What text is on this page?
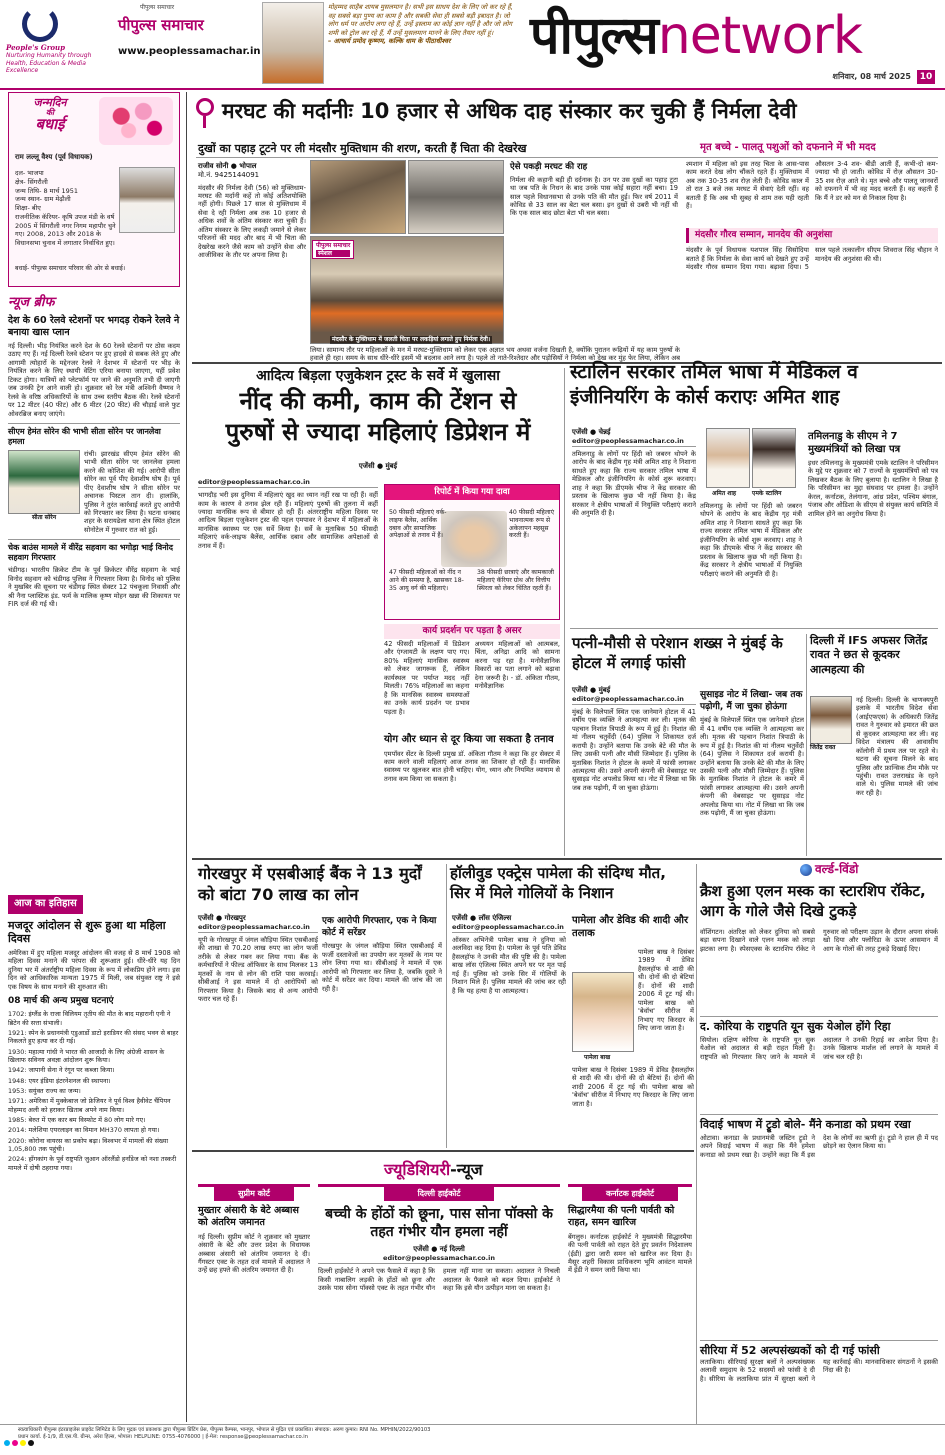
People's Group
Nurturing Humanity through Health, Education & Media Excellence
पीपुल्स समाचार
पीपुल्स समाचार
www.peoplessamachar.in
मोहम्मद साहैब शायब मुसलमान है। सभी इस साधय देश के लिए जो कर रहे हैं, वह सबसे बड़ा पुण्य का काम है और सबकी सेवा ही सबसे बड़ी इबादत है। जो लोग धर्म पर आरोप लगा रहे हैं, उन्हें इस्लाम का कोई ज्ञान नहीं है और जो लोग शमी को ट्रोल कर रहे हैं, मैं उन्हें मुसलमान मानने के लिए तैयार नहीं हूं।
– आचार्य प्रमोद कृष्णम, कल्कि धाम के पीठाधीश्वर	पीपुल्सnetwork
शनिवार, 08 मार्च 2025 10
जन्मदिन
की
बधाई
राम लल्लू वैश्य (पूर्व विधायक)
दल- भाजपा
क्षेत्र- सिंगरौली
जन्म तिथि- 8 मार्च 1951
जन्म स्थान- ग्राम मेढ़ौली
शिक्षा- बीए
राजनीतिक कॅरियर- कृषि उपज मंडी के वर्ष 2005 में सिंगरौली नगर निगम महापौर चुने गए। 2008, 2013 और 2018 के विधानसभा चुनाव में लगातार निर्वाचित हुए।
बधाई- पीपुल्स समाचार परिवार की ओर से बधाई।
न्यूज ब्रीफ
देश के 60 रेलवे स्टेशनों पर भगदड़ रोकने रेलवे ने बनाया खास प्लान
नई दिल्ली। भीड़ नियंत्रित करने देश के 60 रेलवे स्टेशनों पर ठोस कदम उठाए गए हैं। नई दिल्ली रेलवे स्टेशन पर हुए हादसे से सबक लेते हुए और आगामी त्योहारों के मद्देनजर रेलवे ने देशभर में स्टेशनों पर भीड़ के नियंत्रित करने के लिए स्थायी वेटिंग एरिया बनाया जाएगा, यहीं प्रवेश टिकट होगा। यात्रियों को प्लेटफॉर्म पर जाने की अनुमति तभी दी जाएगी जब उनकी ट्रेन आने वाली हो। शुक्रवार को रेल मंत्री अश्विनी वैष्णव ने रेलवे के वरिष्ठ अधिकारियों के साथ उच्च स्तरीय बैठक की। रेलवे स्टेशनों पर 12 मीटर (40 फीट) और 6 मीटर (20 फीट) की चौड़ाई वाले फुट ओवरब्रिज बनाए जाएंगे।
सीएम हेमंत सोरेन की भाभी सीता सोरेन पर जानलेवा हमला
सीता सोरेन
रांची। झारखंड सीएम हेमंत सोरेन की भाभी सीता सोरेन पर जानलेवा हमला करने की कोशिश की गई। आरोपी सीता सोरेन का पूर्व पीए देवाशीष घोष है। पूर्व पीए देवाशीष घोष ने सीता सोरेन पर अचानक पिस्टल तान दी। हालांकि, पुलिस ने तुरंत कार्रवाई करते हुए आरोपी को गिरफ्तार कर लिया है। घटना धनबाद शहर के सरायढेला थाना क्षेत्र स्थित होटल सोनोटेल में गुरुवार रात को हुई।
चेक बाउंस मामले में वीरेंद्र सहवाग का भगोड़ा भाई विनोद सहवाग गिरफ्तार
चंडीगढ़। भारतीय क्रिकेट टीम के पूर्व क्रिकेटर वीरेंद्र सहवाग के भाई विनोद सहवाग को चंडीगढ़ पुलिस ने गिरफ्तार किया है। विनोद को पुलिस ने मुखबिर की सूचना पर चंडीगढ़ स्थित सेक्टर 12 पंचकूला निवासी और श्री नैना प्लास्टिक इंड. फर्म के मालिक कृष्ण मोहन खन्ना की शिकायत पर FIR दर्ज की गई थी।
आज का इतिहास
मजदूर आंदोलन से शुरू हुआ था महिला दिवस
अमेरिका में हुए महिला मजदूर आंदोलन की वजह से 8 मार्च 1908 को महिला दिवस मनाने की परंपरा की शुरूआत हुई। धीरे-धीरे यह दिन दुनिया भर में अंतर्राष्ट्रीय महिला दिवस के रूप में लोकप्रिय होने लगा। इस दिन को आधिकारिक मान्यता 1975 में मिली, जब संयुक्त राष्ट्र ने इसे एक विषय के साथ मनाने की शुरुआत की।
08 मार्च की अन्य प्रमुख घटनाएं
1702: इंग्लैंड के राजा विलियम तृतीय की मौत के बाद महारानी एनी ने ब्रिटेन की सत्ता संभाली।
1921: स्पेन के प्रधानमंत्री एडुआर्डो डाटो इराडियर की संसद भवन से बाहर निकलते हुए हत्या कर दी गई।
1930: महात्मा गांधी ने भारत की आजादी के लिए अंग्रेजी शासन के खिलाफ सविनय अवज्ञा आंदोलन शुरू किया।
1942: जापानी सेना ने रंगून पर कब्जा किया।
1948: एयर इंडिया इंटरनेशनल की स्थापना।
1953: सयुंक्त राज्य का जन्म।
1971: अमेरिका में मुक्केबाज जो फ्रेजियर ने पूर्व विश्व हैवीवेट चैंपियन मोहम्मद अली को हराकर खिताब अपने नाम किया।
1985: बेरुत में एक कार बम विस्फोट में 80 लोग मारे गए।
2014: मलेशिया एयरलाइन का विमान MH370 लापता हो गया।
2020: कोरोना वायरस का प्रकोप बढ़ा। विश्वभर में मामलों की संख्या 1,05,800 तक पहुंची।
2024: हॉंगकांग के पूर्व राष्ट्रपति जुआन ऑरलैंडो हर्नांडेज को नशा तस्करी मामले में दोषी ठहराया गया।
मरघट की मर्दानीः 10 हजार से अधिक दाह संस्कार कर चुकी हैं निर्मला देवी
दुखों का पहाड़ टूटने पर ली मंदसौर मुक्तिधाम की शरण, करती हैं चिता की देखरेख	मृत बच्चे - पालतू पशुओं को दफनाने में भी मदद
राजीव सोनी ● भोपाल
मो.नं. 9425144091
मंदसौर की निर्मला देवी (56) को मुक्तिधाम- मरघट की मर्दानी कहें तो कोई अतिशयोक्ति नहीं होगी। पिछले 17 साल से मुक्तिधाम में सेवा दे रही निर्मला अब तक 10 हजार से अधिक शवों के अंतिम संस्कार करा चुकी हैं। अंतिम संस्कार के लिए लकड़ी जमाने से लेकर परिजनों की मदद और बाद में भी चिता की देखरेख करने जैसे काम को उन्होंने सेवा और आजीविका के तौर पर अपना लिया है।
पीपुल्स समाचार
स्पेशल
मंदसौर के मुक्तिधाम में जलती चिता पर लकड़ियां लगाते हुए निर्मला देवी।
ऐसे पकड़ी मरघट की राह
निर्मला की कहानी बड़ी ही दर्दनाक है। उन पर उस दुखों का पहाड़ टूटा था जब पति के निधन के बाद उनके पास कोई सहारा नहीं बचा। 19 साल पहले विधानसभा से उनके पति की मौत हुई। फिर वर्ष 2011 में कोविड से 33 साल का बेटा चल बसा। इन दुखों से उबरी भी नहीं थी कि एक साल बाद छोटा बेटा भी चल बसा।
श्मशान में महिला को इस तरह चिता के आस-पास काम करते देख लोग चौंकते रहते हैं। मुक्तिधाम में अब तक 30-35 शव रोज़ लेती हैं। कोविड काल में तो रात 3 बजे तक मरघट में सेवाएं देती रहीं। वह बताती हैं कि अब भी सुबह से शाम तक यही रहती हैं।
औसतन 3-4 शव- बीडी आती हैं, कभी-दो कम-ज्यादा भी हो जाती। कोविड में रोज़ औसतन 30-35 शव रोज़ आते थे। मृत बच्चे और पालतू जानवरों को दफनाने में भी वह मदद करती हैं। वह कहती हैं कि मैं ने डर को मन से निकाल दिया है।
मंदसौर गौरव सम्मान, मानदेय की अनुशंसा
मंदसौर के पूर्व विधायक यशपाल सिंह सिसोदिया बताते हैं कि निर्मला के सेवा कार्य को देखते हुए उन्हें मंदसौर गौरव सम्मान दिया गया। बढ़ावा दिया। 5 साल पहले तत्कालीन सीएम शिवराज सिंह चौहान ने मानदेय की अनुशंसा की थी।
लिया। सामान्य तौर पर महिलाओं के मन में मरघट-मुक्तिधाम को लेकर एक अज्ञात भय अथवा वर्जना दिखती है, क्योंकि पुरातन रूढ़ियों में यह काम पुरुषों के हवाले ही रहा। समय के साथ धीरे-धीरे इसमें भी बदलाव आने लगा है। पहले तो नाते-रिश्तेदार और पड़ोसियों ने निर्मला को देख कर मुंह फेर लिया, लेकिन अब
आदित्य बिड़ला एजुकेशन ट्रस्ट के सर्वे में खुलासा
नींद की कमी, काम की टेंशन से
पुरुषों से ज्यादा महिलाएं डिप्रेशन में
एजेंसी ● मुंबई
editor@peoplessamachar.co.in
भागदौड़ भरी इस दुनिया में महिलाएं खुद का ध्यान नहीं रख पा रही हैं। वहीं काम के कारण वे तनाव झेल रही हैं। महिलाएं पुरुषों की तुलना में कहीं ज्यादा मानसिक रूप से बीमार हो रही हैं। अंतरराष्ट्रीय महिला दिवस पर आदित्य बिड़ला एजुकेशन ट्रस्ट की पहल एमपावर ने देशभर में महिलाओं के मानसिक स्वास्थ्य पर एक सर्वे किया है। सर्वे के मुताबिक 50 फीसदी महिलाएं वर्क-लाइफ बैलेंस, आर्थिक दबाव और सामाजिक अपेक्षाओं से तनाव में हैं।
रिपोर्ट में किया गया दावा
50 फीसदी महिलाएं वर्क-लाइफ बैलेंस, आर्थिक दबाव और सामाजिक अपेक्षाओं से तनाव में हैं।
40 फीसदी महिलाएं भावनात्मक रूप से अकेलापन महसूस करती हैं।
47 फीसदी महिलाओं को नींद न आने की समस्या है, खासकर 18-35 आयु वर्ग की महिलाएं।
38 फीसदी छात्राएं और कामकाजी महिलाएं कॅरियर ग्रोथ और वित्तीय स्थिरता को लेकर चिंतित रहती हैं।
कार्य प्रदर्शन पर पड़ता है असर
42 फीसदी महिलाओं में डिप्रेशन और एंग्जायटी के लक्षण पाए गए। 80% महिलाएं मानसिक स्वास्थ्य को लेकर जागरूक हैं, लेकिन कार्यस्थल पर पर्याप्त मदद नहीं मिलती। 76% महिलाओं का कहना है कि मानसिक स्वास्थ्य समस्याओं का उनके कार्य प्रदर्शन पर प्रभाव पड़ता है।
अध्ययन महिलाओं को आत्मबल, चिंता, अनिद्रा आदि को सामना करना पड़ रहा है। मनोवैज्ञानिक विकारों का पता लगाने को बढ़ावा देना जरूरी है। - डॉ. अंकिता गौतम, मनोवैज्ञानिक
योग और ध्यान से दूर किया जा सकता है तनाव
एमपॉवर सेंटर के दिल्ली प्रमुख डॉ. अंकिता गौतम ने कहा कि हर सेक्टर में काम करने वाली महिलाएं आज तनाव का शिकार हो रही हैं। मानसिक स्वास्थ्य पर खुलकर बात होनी चाहिए। योग, ध्यान और नियमित व्यायाम से तनाव कम किया जा सकता है।
स्टालिन सरकार तमिल भाषा में मेडिकल व इंजीनियरिंग के कोर्स कराएः अमित शाह
एजेंसी ● चेन्नई
editor@peoplessamachar.co.in
तमिलनाडु के लोगों पर हिंदी को जबरन थोपने के आरोप के बाद केंद्रीय गृह मंत्री अमित शाह ने निशाना साधते हुए कहा कि राज्य सरकार तमिल भाषा में मेडिकल और इंजीनियरिंग के कोर्स शुरू करवाए। शाह ने कहा कि डीएमके चीफ ने केंद्र सरकार की प्रस्ताव के खिलाफ कुछ भी नहीं किया है। केंद्र सरकार ने क्षेत्रीय भाषाओं में नियुक्ति परीक्षाएं कराने की अनुमति दी है।
अमित शाह	एमके स्टालिन
तमिलनाडु के लोगों पर हिंदी को जबरन थोपने के आरोप के बाद केंद्रीय गृह मंत्री अमित शाह ने निशाना साधते हुए कहा कि राज्य सरकार तमिल भाषा में मेडिकल और इंजीनियरिंग के कोर्स शुरू करवाए। शाह ने कहा कि डीएमके चीफ ने केंद्र सरकार की प्रस्ताव के खिलाफ कुछ भी नहीं किया है। केंद्र सरकार ने क्षेत्रीय भाषाओं में नियुक्ति परीक्षाएं कराने की अनुमति दी है।
तमिलनाडु के सीएम ने 7 मुख्यमंत्रियों को लिखा पत्र
इधर तमिलनाडु के मुख्यमंत्री एमके स्टालिन ने परिसीमन के मुद्दे पर शुक्रवार को 7 राज्यों के मुख्यमंत्रियों को पत्र लिखकर बैठक के लिए बुलाया है। स्टालिन ने लिखा है कि परिसीमन का मुद्दा संघवाद पर हमला है। उन्होंने केरल, कर्नाटक, तेलंगाना, आंध्र प्रदेश, पश्चिम बंगाल, पंजाब और ओडिशा के सीएम से संयुक्त कार्य समिति में शामिल होने का अनुरोध किया है।
पत्नी-मौसी से परेशान शख्स ने मुंबई के होटल में लगाई फांसी
एजेंसी ● मुंबई
editor@peoplessamachar.co.in
मुंबई के विलेपार्ले स्थित एक जानेमाने होटल में 41 वर्षीय एक व्यक्ति ने आत्महत्या कर ली। मृतक की पहचान निशांत त्रिपाठी के रूप में हुई है। निशांत की मां नीलम चतुर्वेदी (64) पुलिस ने शिकायत दर्ज करायी है। उन्होंने बताया कि उनके बेटे की मौत के लिए उसकी पत्नी और मौसी जिम्मेदार हैं। पुलिस के मुताबिक निशांत ने होटल के कमरे में फांसी लगाकर आत्महत्या की। उसने अपनी कंपनी की वेबसाइट पर सुसाइड नोट अपलोड किया था। नोट में लिखा था कि जब तक पढ़ोगी, मैं जा चुका होऊंगा।
सुसाइड नोट में लिखा- जब तक पढ़ोगी, मैं जा चुका होऊंगा
मुंबई के विलेपार्ले स्थित एक जानेमाने होटल में 41 वर्षीय एक व्यक्ति ने आत्महत्या कर ली। मृतक की पहचान निशांत त्रिपाठी के रूप में हुई है। निशांत की मां नीलम चतुर्वेदी (64) पुलिस ने शिकायत दर्ज करायी है। उन्होंने बताया कि उनके बेटे की मौत के लिए उसकी पत्नी और मौसी जिम्मेदार हैं। पुलिस के मुताबिक निशांत ने होटल के कमरे में फांसी लगाकर आत्महत्या की। उसने अपनी कंपनी की वेबसाइट पर सुसाइड नोट अपलोड किया था। नोट में लिखा था कि जब तक पढ़ोगी, मैं जा चुका होऊंगा।
दिल्ली में IFS अफसर जितेंद्र रावत ने छत से कूदकर आत्महत्या की
जितेंद्र रावत
नई दिल्ली। दिल्ली के चाणक्यपुरी इलाके में भारतीय विदेश सेवा (आईएफएस) के अधिकारी जितेंद्र रावत ने गुरुवार को इमारत की छत से कूदकर आत्महत्या कर ली। वह विदेश मंत्रालय की आवासीय कॉलोनी में प्रथम तल पर रहते थे। घटना की सूचना मिलने के बाद पुलिस और फ्रान्सिक टीम मौके पर पहुंची। रावत उत्तराखंड के रहने वाले थे। पुलिस मामले की जांच कर रही है।
गोरखपुर में एसबीआई बैंक ने 13 मुर्दों को बांटा 70 लाख का लोन
एजेंसी ● गोरखपुर
editor@peoplessamachar.co.in
यूपी के गोरखपुर में जंगल कौड़िया स्थित एसबीआई की शाखा से 70.20 लाख रुपए का लोन फर्जी तरीके से लेकर गबन कर लिया गया। बैंक के कर्मचारियों ने फील्ड ऑफिसर के साथ मिलकर 13 मृतकों के नाम से लोन की राशि पास करवाई। सीबीआई ने इस मामले में दो आरोपियों को गिरफ्तार किया है। जिसके बाद से अन्य आरोपी फरार चल रहे हैं।
एक आरोपी गिरफ्तार, एक ने किया कोर्ट में सरेंडर
गोरखपुर के जंगल कौड़िया स्थित एसबीआई में फर्जी दस्तावेजों का उपयोग कर मृतकों के नाम पर लोन लिया गया था। सीबीआई ने मामले में एक आरोपी को गिरफ्तार कर लिया है, जबकि दूसरे ने कोर्ट में सरेंडर कर दिया। मामले की जांच की जा रही है।
हॉलीवुड एक्ट्रेस पामेला की संदिग्ध मौत, सिर में मिले गोलियों के निशान
एजेंसी ● लॉस एंजिल्स
editor@peoplessamachar.co.in
ऑस्कर अभिनेत्री पामेला बाख ने दुनिया को अलविदा कह दिया है। पामेला के पूर्व पति डेविड हैसलहॉफ ने उनकी मौत की पुष्टि की है। पामेला बाख लॉस एंजिल्स स्थित अपने घर पर मृत पाई गई हैं। पुलिस को उनके सिर में गोलियों के निशान मिले हैं। पुलिस मामले की जांच कर रही है कि यह हत्या है या आत्महत्या।
पामेला और डेविड की शादी और तलाक
पामेला बाख
पामेला बाख ने दिसंबर 1989 में डेविड हैसलहॉफ से शादी की थी। दोनों की दो बेटियां हैं। दोनों की शादी 2006 में टूट गई थी। पामेला बाख को 'बेवॉच' सीरीज में निभाए गए किरदार के लिए जाना जाता है।
पामेला बाख ने दिसंबर 1989 में डेविड हैसलहॉफ से शादी की थी। दोनों की दो बेटियां हैं। दोनों की शादी 2006 में टूट गई थी। पामेला बाख को 'बेवॉच' सीरीज में निभाए गए किरदार के लिए जाना जाता है।
वर्ल्ड-विंडो
क्रैश हुआ एलन मस्क का स्टारशिप रॉकेट, आग के गोले जैसे दिखे टुकड़े
वॉशिंगटन। अंतरिक्ष को लेकर दुनिया को सबसे बड़ा सपना दिखाने वाले एलन मस्क को तगड़ा झटका लगा है। स्पेसएक्स के स्टारशिप रॉकेट ने गुरुवार को परीक्षण उड़ान के दौरान अपना संपर्क खो दिया और फ्लोरिडा के ऊपर आसमान में आग के गोलों की तरह टुकड़े दिखाई दिए।
द. कोरिया के राष्ट्रपति यून सुक येओल होंगे रिहा
सियोल। दक्षिण कोरिया के राष्ट्रपति यून सुक येओल को अदालत से बड़ी राहत मिली है। राष्ट्रपति को गिरफ्तार किए जाने के मामले में अदालत ने उनकी रिहाई का आदेश दिया है। उनके खिलाफ मार्शल लॉ लगाने के मामले में जांच चल रही है।
विदाई भाषण में ट्रूडो बोले- मैंने कनाडा को प्रथम रखा
ओटावा। कनाडा के प्रधानमंत्री जस्टिन ट्रूडो ने अपने विदाई भाषण में कहा कि मैंने हमेशा कनाडा को प्रथम रखा है। उन्होंने कहा कि मैं इस देश के लोगों का ऋणी हूं। ट्रूडो ने हाल ही में पद छोड़ने का ऐलान किया था।
सीरिया में 52 अल्पसंख्यकों को दी गई फांसी
लताकिया। सीरियाई सुरक्षा बलों ने अल्पसंख्यक अलावी समुदाय के 52 सदस्यों को फांसी दे दी है। सीरिया के लताकिया प्रांत में सुरक्षा बलों ने यह कार्रवाई की। मानवाधिकार संगठनों ने इसकी निंदा की है।
ज्यूडिशियरी-न्यूज
सुप्रीम कोर्ट
मुख्तार अंसारी के बेटे अब्बास को अंतरिम जमानत
नई दिल्ली। सुप्रीम कोर्ट ने शुक्रवार को मुख्तार अंसारी के बेटे और उत्तर प्रदेश के विधायक अब्बास अंसारी को अंतरिम जमानत दे दी। गैंगस्टर एक्ट के तहत दर्ज मामले में अदालत ने उन्हें छह हफ्ते की अंतरिम जमानत दी है।
दिल्ली हाईकोर्ट
बच्ची के होंठों को छूना, पास सोना पॉक्सो के तहत गंभीर यौन हमला नहीं
एजेंसी ● नई दिल्ली
editor@peoplessamachar.co.in
दिल्ली हाईकोर्ट ने अपने एक फैसले में कहा है कि किसी नाबालिग लड़की के होंठों को छूना और उसके पास सोना पॉक्सो एक्ट के तहत गंभीर यौन हमला नहीं माना जा सकता। अदालत ने निचली अदालत के फैसले को बदल दिया। हाईकोर्ट ने कहा कि इसे यौन उत्पीड़न माना जा सकता है।
कर्नाटक हाईकोर्ट
सिद्धारमैया की पत्नी पार्वती को राहत, समन खारिज
बेंगलुरु। कर्नाटक हाईकोर्ट ने मुख्यमंत्री सिद्धारमैया की पत्नी पार्वती को राहत देते हुए प्रवर्तन निदेशालय (ईडी) द्वारा जारी समन को खारिज कर दिया है। मैसूर शहरी विकास प्राधिकरण भूमि आवंटन मामले में ईडी ने समन जारी किया था।
स्वत्वाधिकारी पीपुल्स इंटरप्राइजेस प्राइवेट लिमिटेड के लिए मुद्रक एवं प्रकाशक द्वारा पीपुल्स प्रिंटिंग प्रेस, पीपुल्स कैम्पस, भानपुर, भोपाल से मुद्रित एवं प्रकाशित। संपादक: अरुण कुमार। RNI No. MPHIN/2022/90103
प्रधान कार्या. ई-1/9, डी.एस.पी. ग्रीन्स, अरेरा हिल्स, भोपाल। HELPLINE: 0755-4076000 | ई-मेल: response@peoplessamachar.co.in
